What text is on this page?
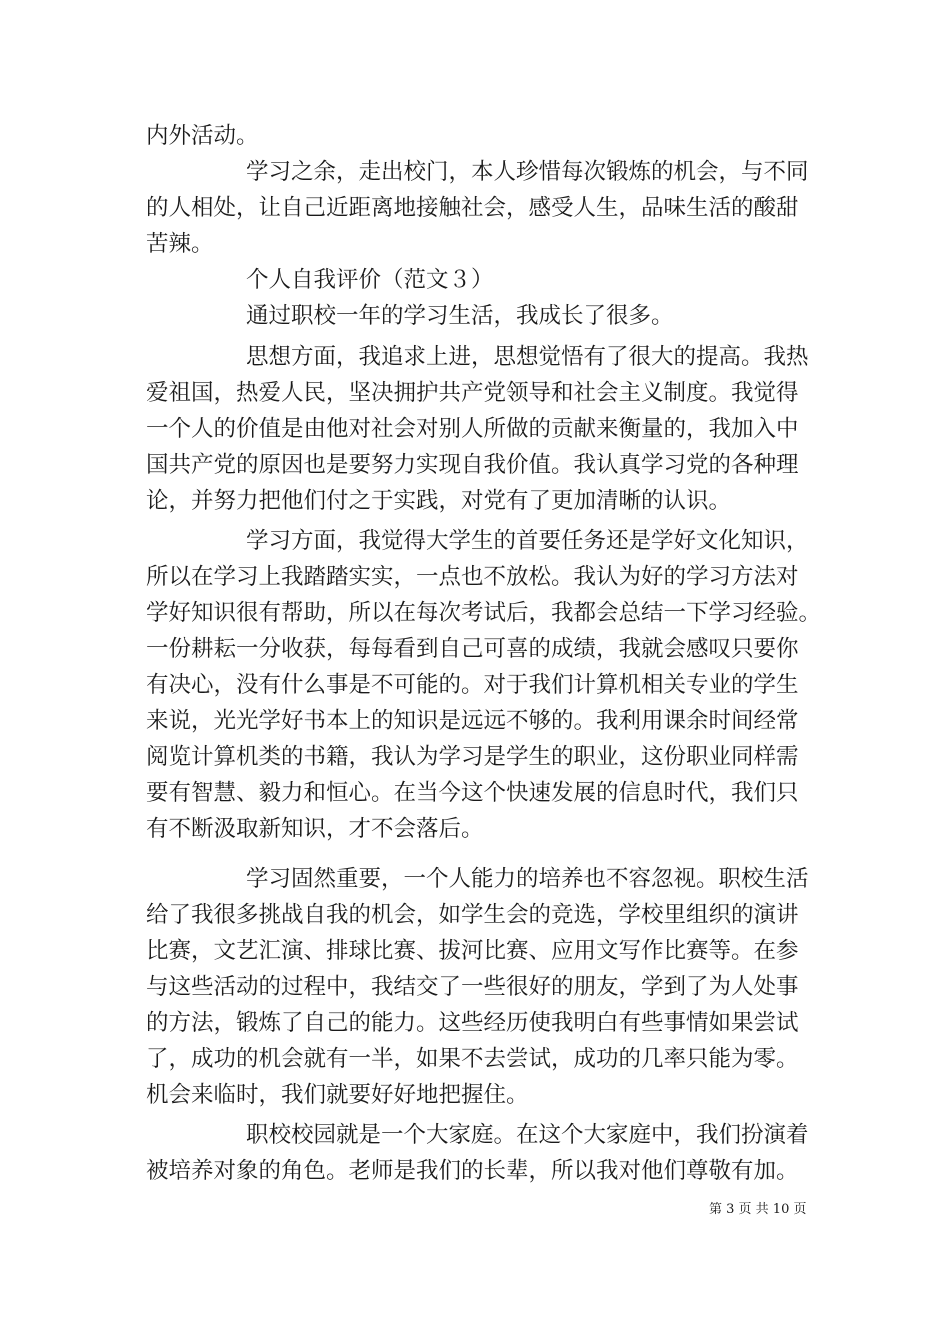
内外活动。
学习之余，走出校门，本人珍惜每次锻炼的机会，与不同
的人相处，让自己近距离地接触社会，感受人生，品味生活的酸甜
苦辣。
个人自我评价（范文３）
通过职校一年的学习生活，我成长了很多。
思想方面，我追求上进，思想觉悟有了很大的提高。我热
爱祖国，热爱人民，坚决拥护共产党领导和社会主义制度。我觉得
一个人的价值是由他对社会对别人所做的贡献来衡量的，我加入中
国共产党的原因也是要努力实现自我价值。我认真学习党的各种理
论，并努力把他们付之于实践，对党有了更加清晰的认识。
学习方面，我觉得大学生的首要任务还是学好文化知识，
所以在学习上我踏踏实实，一点也不放松。我认为好的学习方法对
学好知识很有帮助，所以在每次考试后，我都会总结一下学习经验。
一份耕耘一分收获，每每看到自己可喜的成绩，我就会感叹只要你
有决心，没有什么事是不可能的。对于我们计算机相关专业的学生
来说，光光学好书本上的知识是远远不够的。我利用课余时间经常
阅览计算机类的书籍，我认为学习是学生的职业，这份职业同样需
要有智慧、毅力和恒心。在当今这个快速发展的信息时代，我们只
有不断汲取新知识，才不会落后。
学习固然重要，一个人能力的培养也不容忽视。职校生活
给了我很多挑战自我的机会，如学生会的竞选，学校里组织的演讲
比赛，文艺汇演、排球比赛、拔河比赛、应用文写作比赛等。在参
与这些活动的过程中，我结交了一些很好的朋友，学到了为人处事
的方法，锻炼了自己的能力。这些经历使我明白有些事情如果尝试
了，成功的机会就有一半，如果不去尝试，成功的几率只能为零。
机会来临时，我们就要好好地把握住。
职校校园就是一个大家庭。在这个大家庭中，我们扮演着
被培养对象的角色。老师是我们的长辈，所以我对他们尊敬有加。
第 3 页 共 10 页
